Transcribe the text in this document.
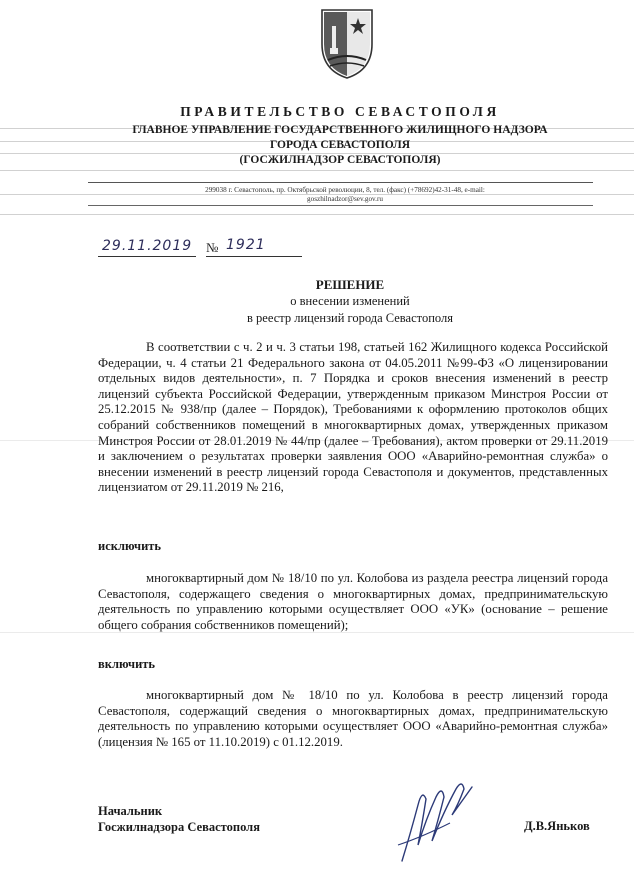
ПРАВИТЕЛЬСТВО СЕВАСТОПОЛЯ
ГЛАВНОЕ УПРАВЛЕНИЕ ГОСУДАРСТВЕННОГО ЖИЛИЩНОГО НАДЗОРА
ГОРОДА СЕВАСТОПОЛЯ
(ГОСЖИЛНАДЗОР СЕВАСТОПОЛЯ)
299038 г. Севастополь, пр. Октябрьской революции, 8, тел. (факс) (+78692)42-31-48, e-mail:
goszhilnadzor@sev.gov.ru
29.11.2019 № 1921
РЕШЕНИЕ
о внесении изменений
в реестр лицензий города Севастополя
В соответствии с ч. 2 и ч. 3 статьи 198, статьей 162 Жилищного кодекса Российской Федерации, ч. 4 статьи 21 Федерального закона от 04.05.2011 №99-ФЗ «О лицензировании отдельных видов деятельности», п. 7 Порядка и сроков внесения изменений в реестр лицензий субъекта Российской Федерации, утвержденным приказом Минстроя России от 25.12.2015 № 938/пр (далее – Порядок), Требованиями к оформлению протоколов общих собраний собственников помещений в многоквартирных домах, утвержденных приказом Минстроя России от 28.01.2019 № 44/пр (далее – Требования), актом проверки от 29.11.2019 и заключением о результатах проверки заявления ООО «Аварийно-ремонтная служба» о внесении изменений в реестр лицензий города Севастополя и документов, представленных лицензиатом от 29.11.2019 № 216,
исключить
многоквартирный дом № 18/10 по ул. Колобова из раздела реестра лицензий города Севастополя, содержащего сведения о многоквартирных домах, предпринимательскую деятельность по управлению которыми осуществляет ООО «УК» (основание – решение общего собрания собственников помещений);
включить
многоквартирный дом № 18/10 по ул. Колобова в реестр лицензий города Севастополя, содержащий сведения о многоквартирных домах, предпринимательскую деятельность по управлению которыми осуществляет ООО «Аварийно-ремонтная служба» (лицензия № 165 от 11.10.2019) с 01.12.2019.
Начальник
Госжилнадзора Севастополя	Д.В.Яньков
